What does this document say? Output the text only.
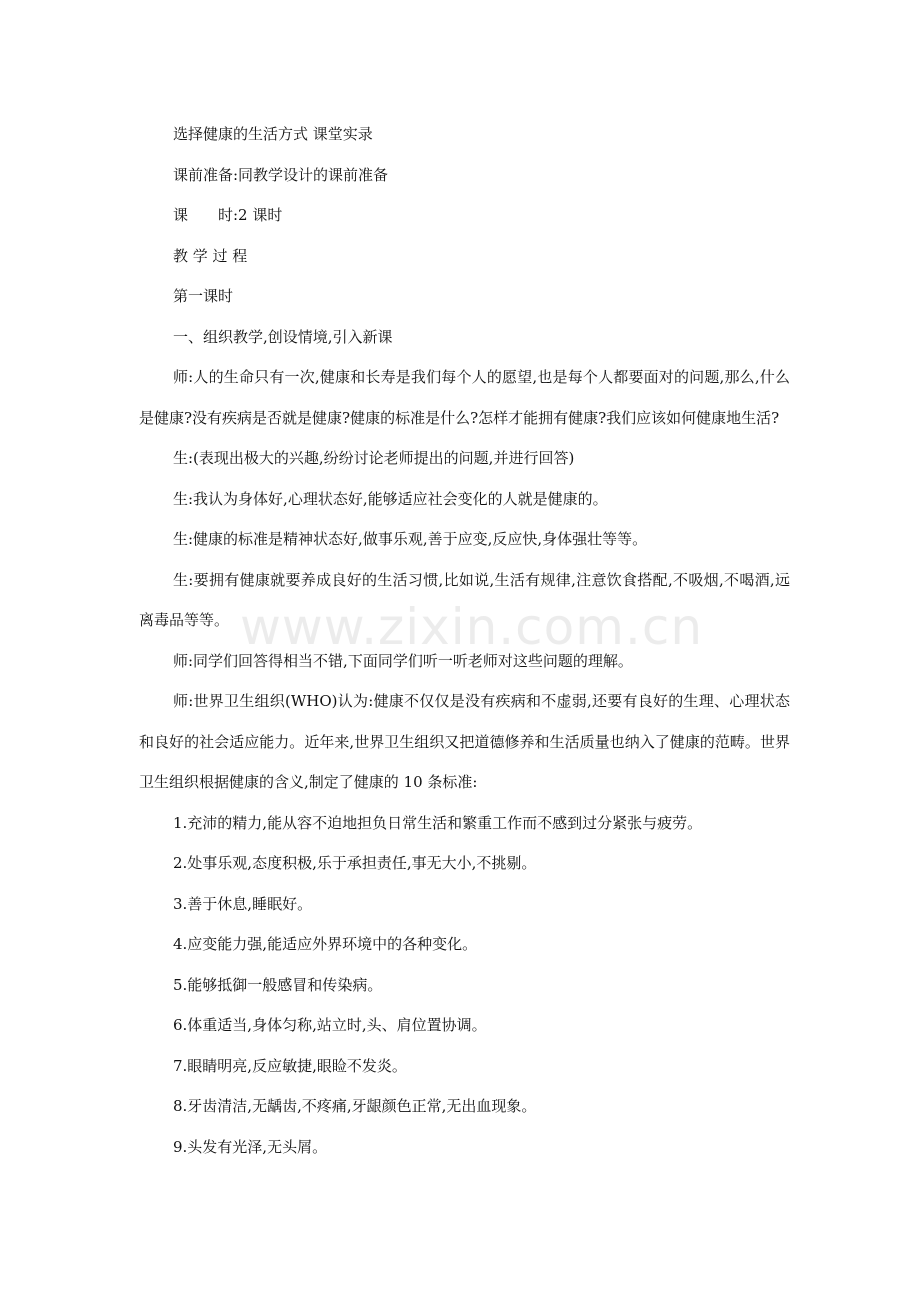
选择健康的生活方式 课堂实录

课前准备:同教学设计的课前准备

课　　时:2 课时

教 学 过 程

第一课时

一、组织教学,创设情境,引入新课

师:人的生命只有一次,健康和长寿是我们每个人的愿望,也是每个人都要面对的问题,那么,什么是健康?没有疾病是否就是健康?健康的标准是什么?怎样才能拥有健康?我们应该如何健康地生活?

生:(表现出极大的兴趣,纷纷讨论老师提出的问题,并进行回答)

生:我认为身体好,心理状态好,能够适应社会变化的人就是健康的。

生:健康的标准是精神状态好,做事乐观,善于应变,反应快,身体强壮等等。

生:要拥有健康就要养成良好的生活习惯,比如说,生活有规律,注意饮食搭配,不吸烟,不喝酒,远离毒品等等。

师:同学们回答得相当不错,下面同学们听一听老师对这些问题的理解。

师:世界卫生组织(WHO)认为:健康不仅仅是没有疾病和不虚弱,还要有良好的生理、心理状态和良好的社会适应能力。近年来,世界卫生组织又把道德修养和生活质量也纳入了健康的范畴。世界卫生组织根据健康的含义,制定了健康的 10 条标准:

1.充沛的精力,能从容不迫地担负日常生活和繁重工作而不感到过分紧张与疲劳。

2.处事乐观,态度积极,乐于承担责任,事无大小,不挑剔。

3.善于休息,睡眠好。

4.应变能力强,能适应外界环境中的各种变化。

5.能够抵御一般感冒和传染病。

6.体重适当,身体匀称,站立时,头、肩位置协调。

7.眼睛明亮,反应敏捷,眼睑不发炎。

8.牙齿清洁,无龋齿,不疼痛,牙龈颜色正常,无出血现象。

9.头发有光泽,无头屑。

www.zixin.com.cn
